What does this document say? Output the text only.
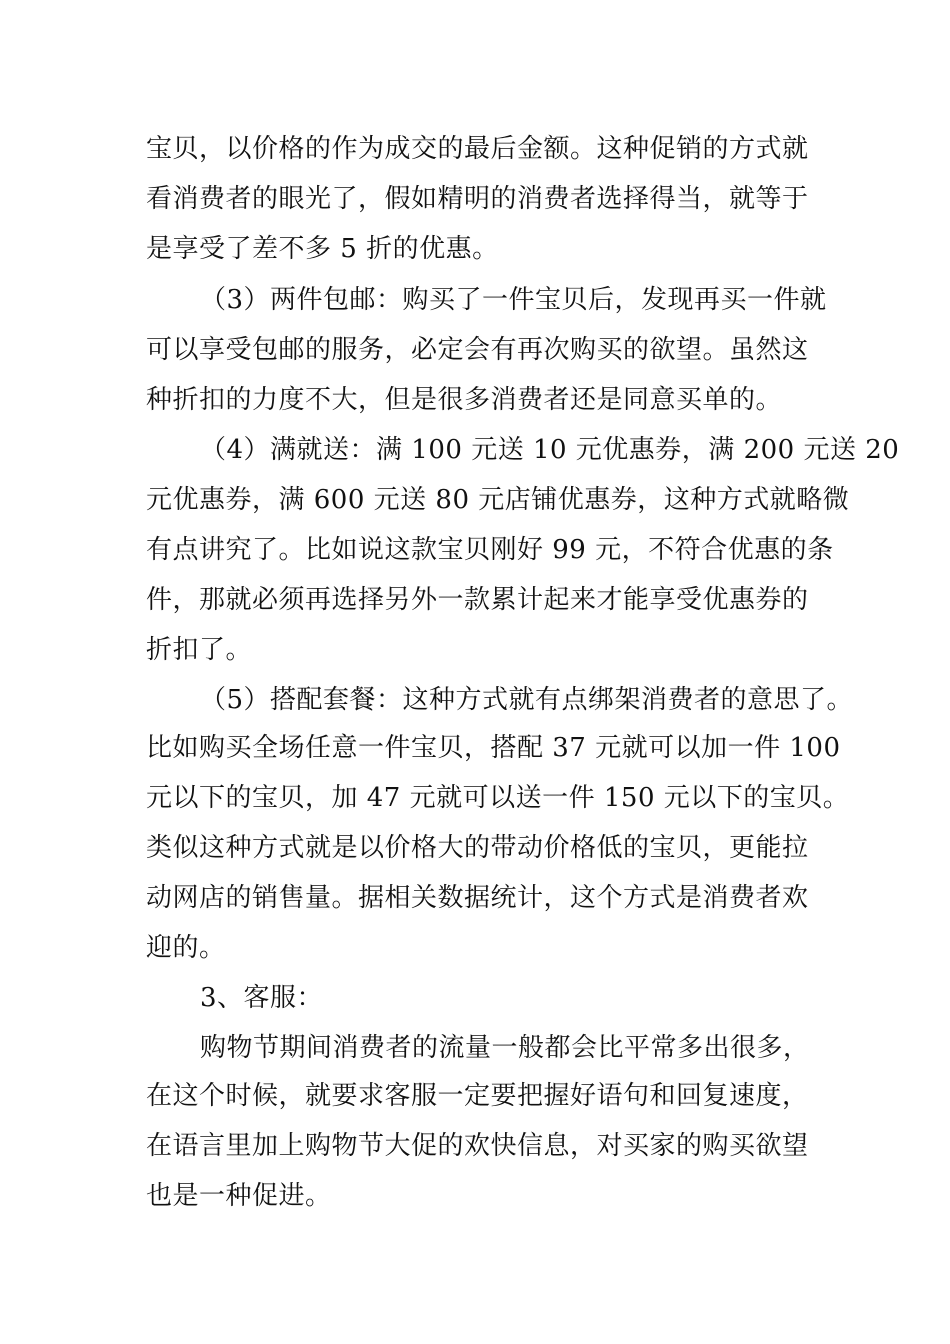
宝贝，以价格的作为成交的最后金额。这种促销的方式就
看消费者的眼光了，假如精明的消费者选择得当，就等于
是享受了差不多 5 折的优惠。
（3）两件包邮：购买了一件宝贝后，发现再买一件就
可以享受包邮的服务，必定会有再次购买的欲望。虽然这
种折扣的力度不大，但是很多消费者还是同意买单的。
（4）满就送：满 100 元送 10 元优惠券，满 200 元送 20
元优惠券，满 600 元送 80 元店铺优惠券，这种方式就略微
有点讲究了。比如说这款宝贝刚好 99 元，不符合优惠的条
件，那就必须再选择另外一款累计起来才能享受优惠券的
折扣了。
（5）搭配套餐：这种方式就有点绑架消费者的意思了。
比如购买全场任意一件宝贝，搭配 37 元就可以加一件 100
元以下的宝贝，加 47 元就可以送一件 150 元以下的宝贝。
类似这种方式就是以价格大的带动价格低的宝贝，更能拉
动网店的销售量。据相关数据统计，这个方式是消费者欢
迎的。
3、客服：
购物节期间消费者的流量一般都会比平常多出很多，
在这个时候，就要求客服一定要把握好语句和回复速度，
在语言里加上购物节大促的欢快信息，对买家的购买欲望
也是一种促进。
